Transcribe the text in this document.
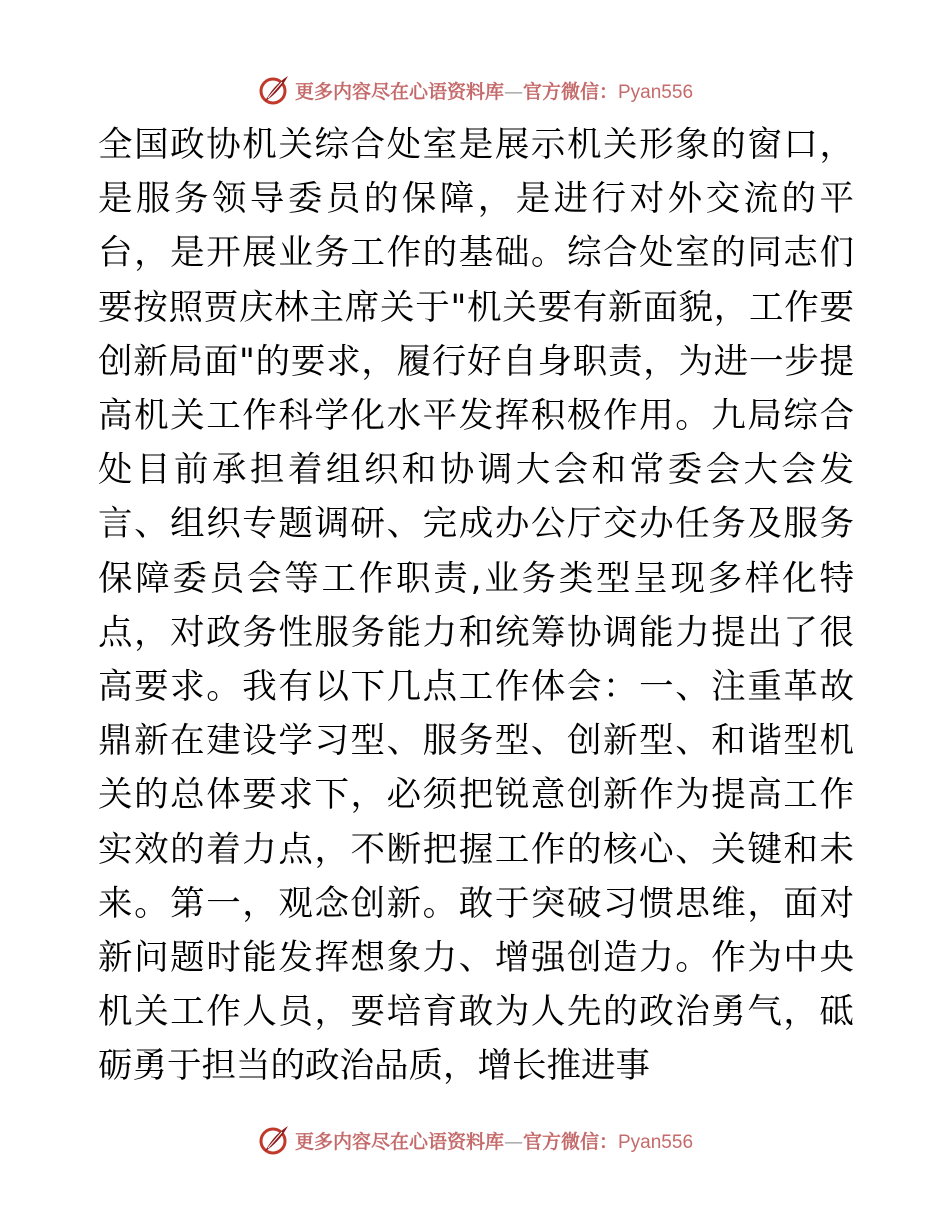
更多内容尽在心语资料库—官方微信：Pyan556

全国政协机关综合处室是展示机关形象的窗口，是服务领导委员的保障，是进行对外交流的平台，是开展业务工作的基础。综合处室的同志们要按照贾庆林主席关于"机关要有新面貌，工作要创新局面"的要求，履行好自身职责，为进一步提高机关工作科学化水平发挥积极作用。九局综合处目前承担着组织和协调大会和常委会大会发言、组织专题调研、完成办公厅交办任务及服务保障委员会等工作职责,业务类型呈现多样化特点，对政务性服务能力和统筹协调能力提出了很高要求。我有以下几点工作体会：一、注重革故鼎新在建设学习型、服务型、创新型、和谐型机关的总体要求下，必须把锐意创新作为提高工作实效的着力点，不断把握工作的核心、关键和未来。第一，观念创新。敢于突破习惯思维，面对新问题时能发挥想象力、增强创造力。作为中央机关工作人员，要培育敢为人先的政治勇气，砥砺勇于担当的政治品质，增长推进事

更多内容尽在心语资料库—官方微信：Pyan556
